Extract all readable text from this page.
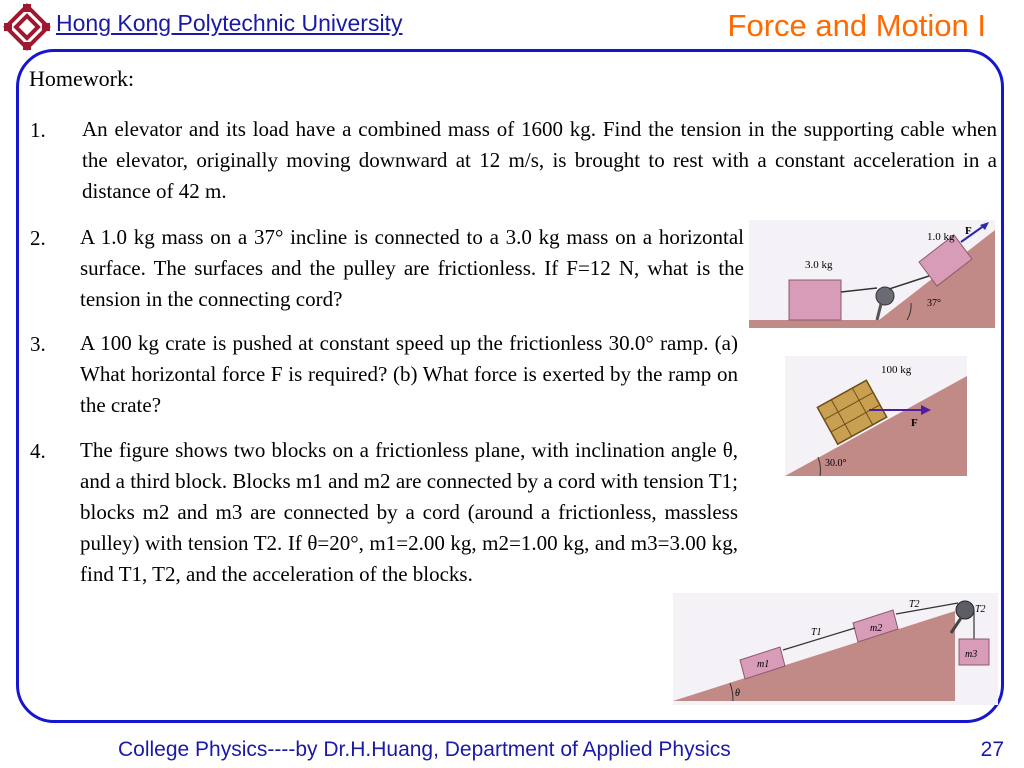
Hong Kong Polytechnic University	Force and Motion I
Homework:
1. An elevator and its load have a combined mass of 1600 kg. Find the tension in the supporting cable when the elevator, originally moving downward at 12 m/s, is brought to rest with a constant acceleration in a distance of 42 m.
2. A 1.0 kg mass on a 37° incline is connected to a 3.0 kg mass on a horizontal surface. The surfaces and the pulley are frictionless. If F=12 N, what is the tension in the connecting cord?
3. A 100 kg crate is pushed at constant speed up the frictionless 30.0° ramp. (a) What horizontal force F is required? (b) What force is exerted by the ramp on the crate?
4. The figure shows two blocks on a frictionless plane, with inclination angle θ, and a third block. Blocks m1 and m2 are connected by a cord with tension T1; blocks m2 and m3 are connected by a cord (around a frictionless, massless pulley) with tension T2. If θ=20°, m1=2.00 kg, m2=1.00 kg, and m3=3.00 kg, find T1, T2, and the acceleration of the blocks.
3.0 kg
1.0 kg F
37°
100 kg
F
30.0°
T2	T2
T1
m1
m2
m3
θ
College Physics----by Dr.H.Huang, Department of Applied Physics	27
